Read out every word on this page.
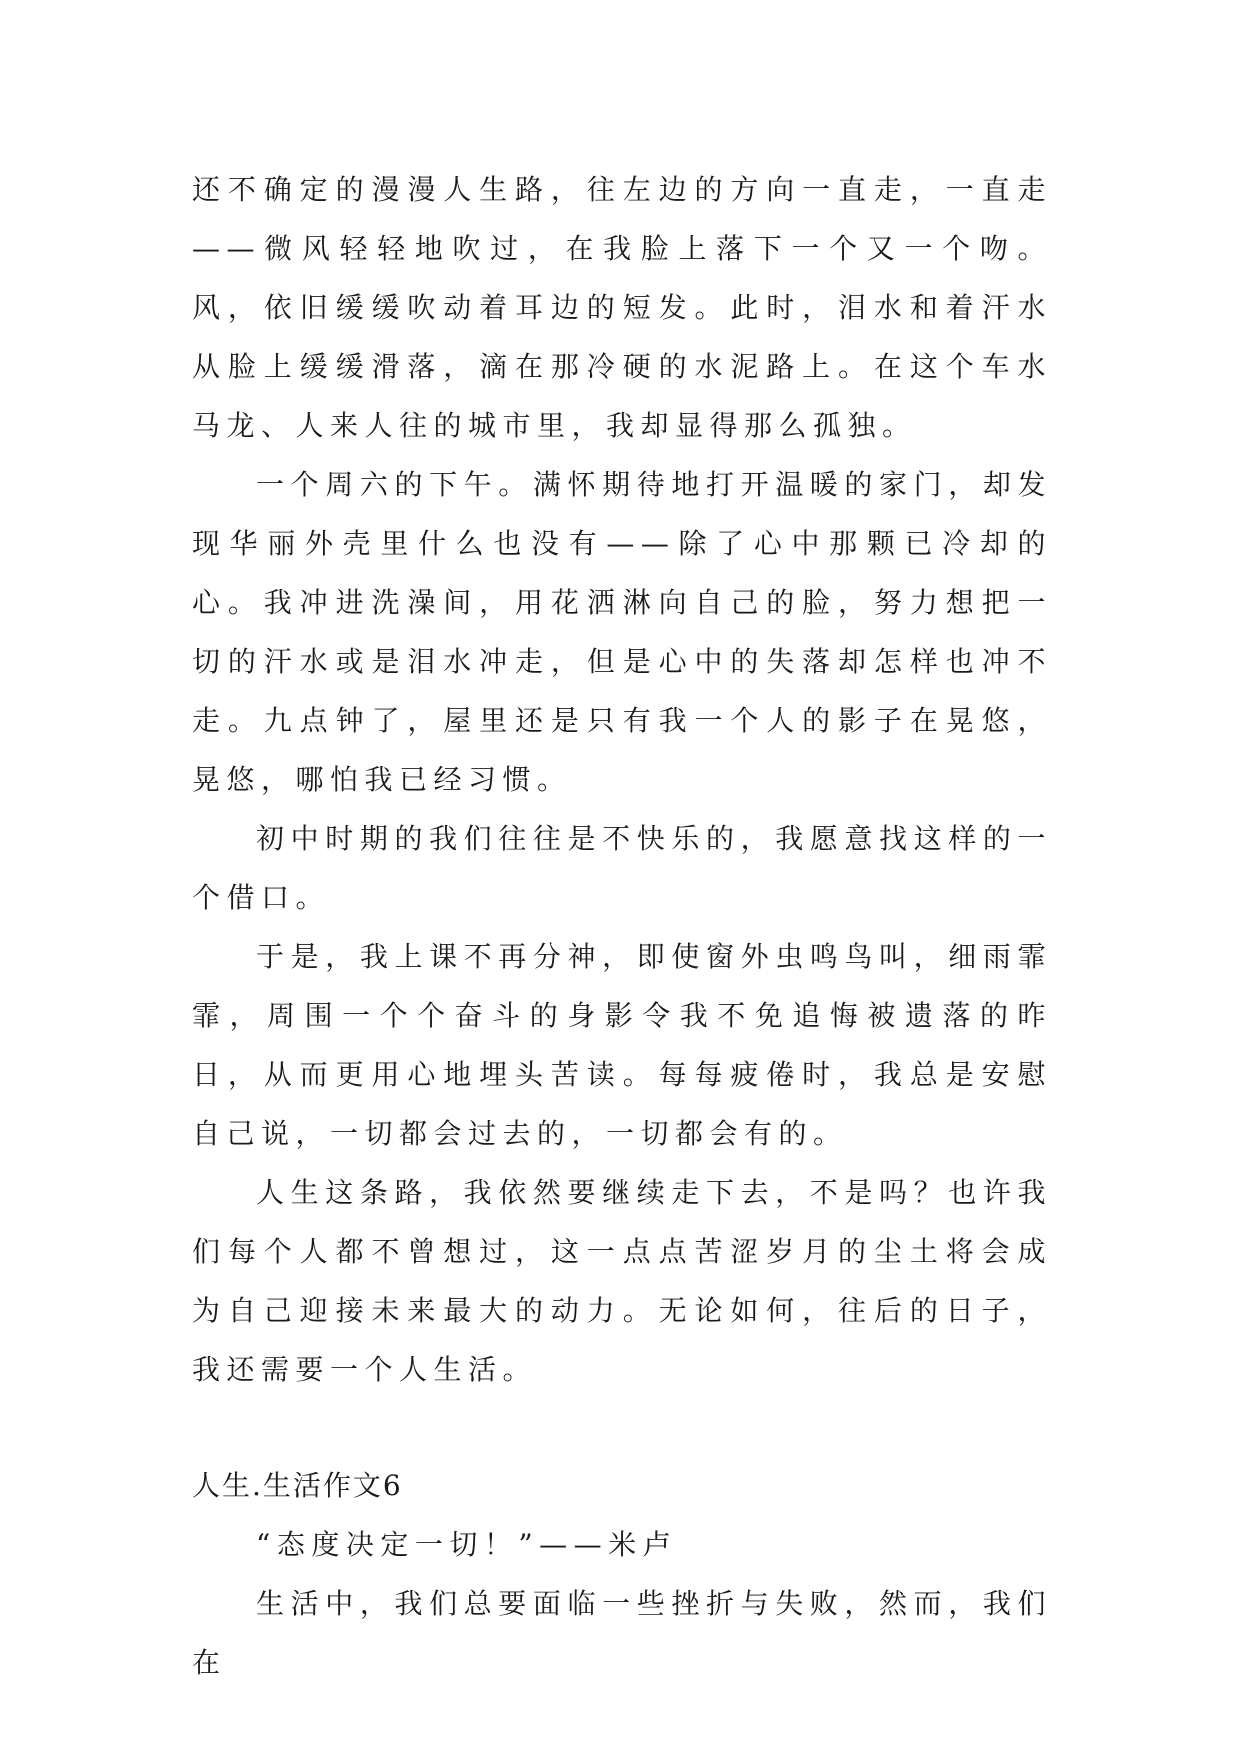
还不确定的漫漫人生路，往左边的方向一直走，一直走——微风轻轻地吹过，在我脸上落下一个又一个吻。风，依旧缓缓吹动着耳边的短发。此时，泪水和着汗水从脸上缓缓滑落，滴在那冷硬的水泥路上。在这个车水马龙、人来人往的城市里，我却显得那么孤独。

一个周六的下午。满怀期待地打开温暖的家门，却发现华丽外壳里什么也没有——除了心中那颗已冷却的心。我冲进洗澡间，用花洒淋向自己的脸，努力想把一切的汗水或是泪水冲走，但是心中的失落却怎样也冲不走。九点钟了，屋里还是只有我一个人的影子在晃悠，晃悠，哪怕我已经习惯。

初中时期的我们往往是不快乐的，我愿意找这样的一个借口。

于是，我上课不再分神，即使窗外虫鸣鸟叫，细雨霏霏，周围一个个奋斗的身影令我不免追悔被遗落的昨日，从而更用心地埋头苦读。每每疲倦时，我总是安慰自己说，一切都会过去的，一切都会有的。

人生这条路，我依然要继续走下去，不是吗？也许我们每个人都不曾想过，这一点点苦涩岁月的尘土将会成为自己迎接未来最大的动力。无论如何，往后的日子，我还需要一个人生活。

人生.生活作文6

“态度决定一切！”——米卢

生活中，我们总要面临一些挫折与失败，然而，我们在
